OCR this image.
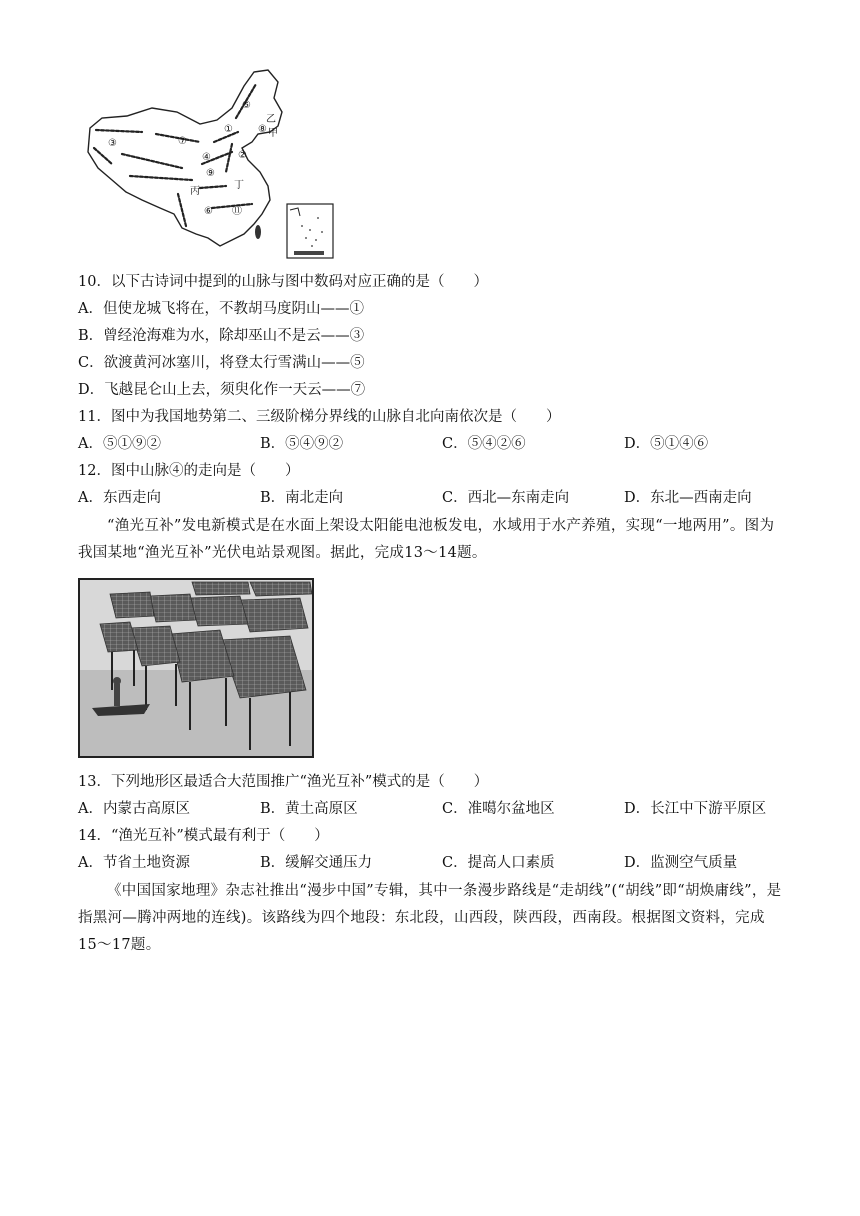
①
②
③
④
⑤
⑥
⑦
⑧
⑨
⑪
乙
甲
丙
丁
10．以下古诗词中提到的山脉与图中数码对应正确的是（　　）
A．但使龙城飞将在，不教胡马度阴山——①
B．曾经沧海难为水，除却巫山不是云——③
C．欲渡黄河冰塞川，将登太行雪满山——⑤
D．飞越昆仑山上去，须臾化作一天云——⑦
11．图中为我国地势第二、三级阶梯分界线的山脉自北向南依次是（　　）
A．⑤①⑨②	B．⑤④⑨②	C．⑤④②⑥	D．⑤①④⑥
12．图中山脉④的走向是（　　）
A．东西走向	B．南北走向	C．西北—东南走向	D．东北—西南走向
“渔光互补”发电新模式是在水面上架设太阳能电池板发电，水域用于水产养殖，实现“一地两用”。图为我国某地“渔光互补”光伏电站景观图。据此，完成13～14题。
13．下列地形区最适合大范围推广“渔光互补”模式的是（　　）
A．内蒙古高原区	B．黄土高原区	C．准噶尔盆地区	D．长江中下游平原区
14．“渔光互补”模式最有利于（　　）
A．节省土地资源	B．缓解交通压力	C．提高人口素质	D．监测空气质量
《中国国家地理》杂志社推出“漫步中国”专辑，其中一条漫步路线是“走胡线”(“胡线”即“胡焕庸线”，是指黑河—腾冲两地的连线)。该路线为四个地段：东北段，山西段，陕西段，西南段。根据图文资料，完成15～17题。
